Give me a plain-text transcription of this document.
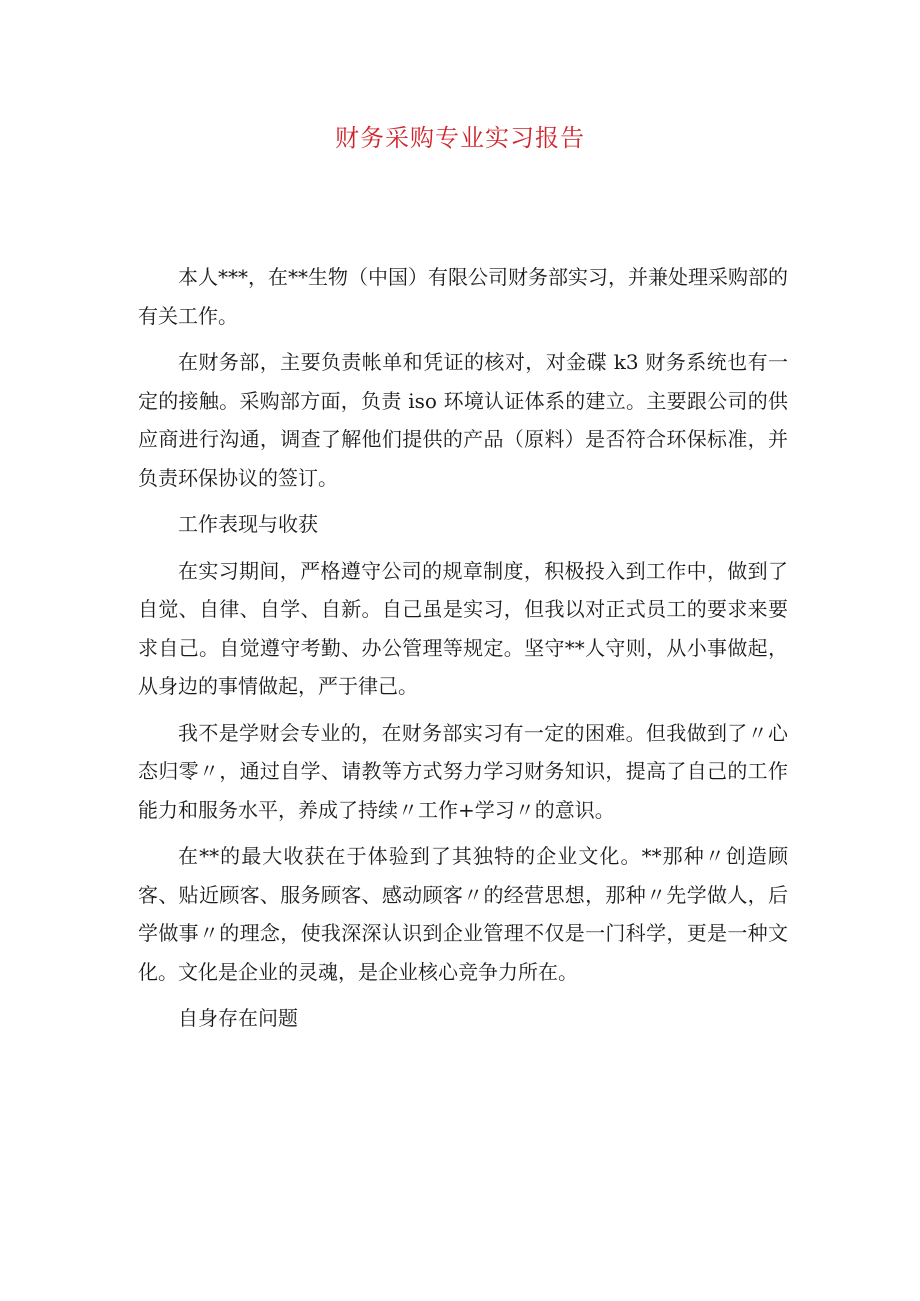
财务采购专业实习报告

本人***，在**生物（中国）有限公司财务部实习，并兼处理采购部的有关工作。

在财务部，主要负责帐单和凭证的核对，对金碟 k3 财务系统也有一定的接触。采购部方面，负责 iso 环境认证体系的建立。主要跟公司的供应商进行沟通，调查了解他们提供的产品（原料）是否符合环保标准，并负责环保协议的签订。

工作表现与收获

在实习期间，严格遵守公司的规章制度，积极投入到工作中，做到了自觉、自律、自学、自新。自己虽是实习，但我以对正式员工的要求来要求自己。自觉遵守考勤、办公管理等规定。坚守**人守则，从小事做起，从身边的事情做起，严于律己。

我不是学财会专业的，在财务部实习有一定的困难。但我做到了〃心态归零〃，通过自学、请教等方式努力学习财务知识，提高了自己的工作能力和服务水平，养成了持续〃工作+学习〃的意识。

在**的最大收获在于体验到了其独特的企业文化。**那种〃创造顾客、贴近顾客、服务顾客、感动顾客〃的经营思想，那种〃先学做人，后学做事〃的理念，使我深深认识到企业管理不仅是一门科学，更是一种文化。文化是企业的灵魂，是企业核心竞争力所在。

自身存在问题
